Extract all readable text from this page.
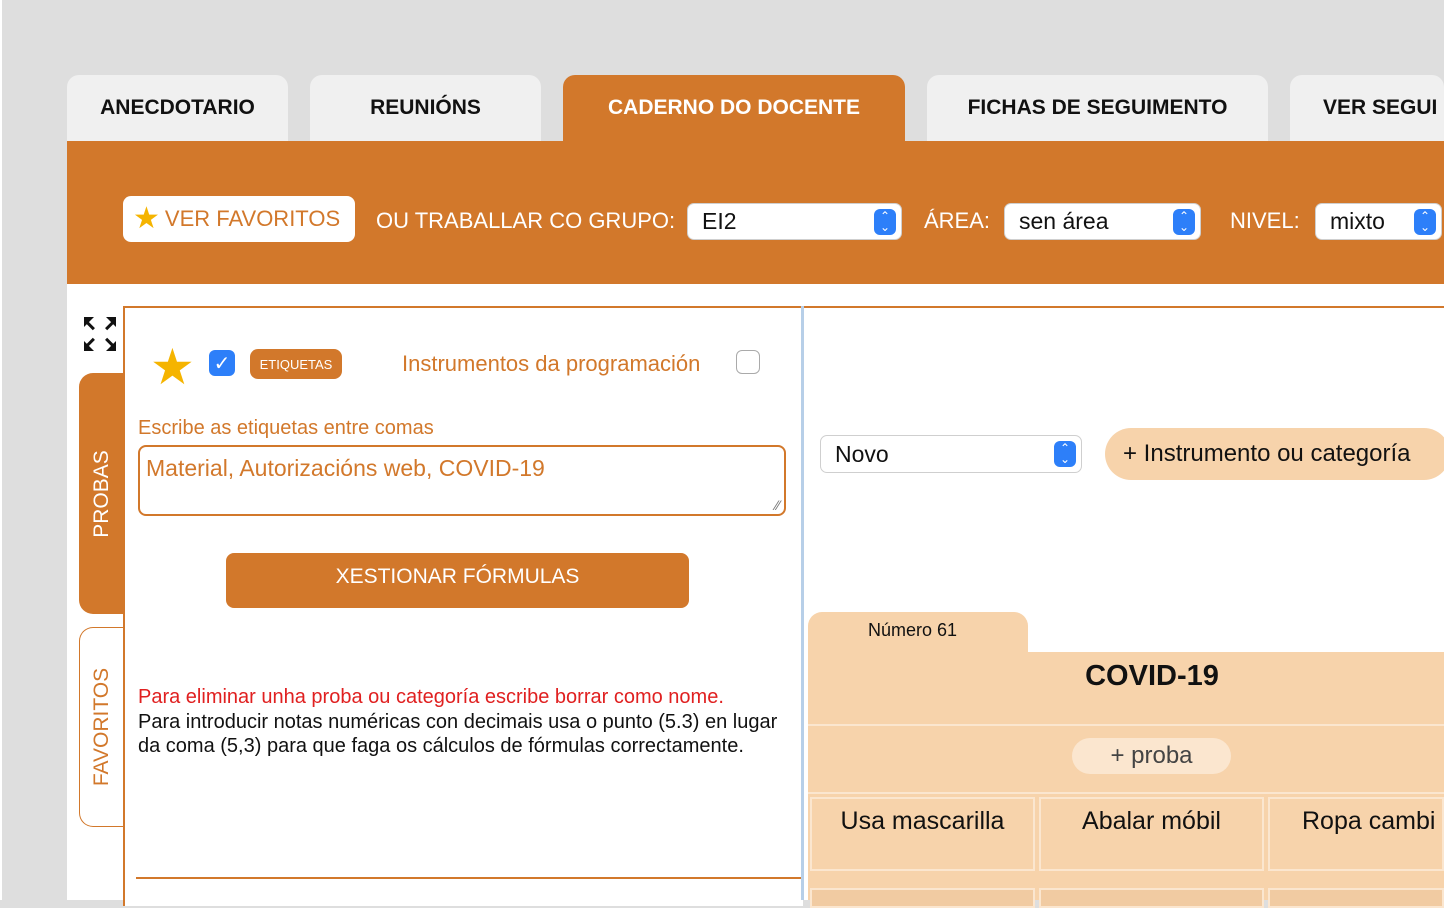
ANECDOTARIO	REUNIÓNS	CADERNO DO DOCENTE	FICHAS DE SEGUIMENTO	VER SEGUI
★ VER FAVORITOS OU TRABALLAR CO GRUPO: EI2	⌃
⌄ ÁREA: sen área	⌃
⌄ NIVEL: mixto	⌃
⌄
PROBAS
FAVORITOS
★ ✓	ETIQUETAS	Instrumentos da programación
Escribe as etiquetas entre comas
Material, Autorizacións web, COVID-19
⁄⁄
XESTIONAR FÓRMULAS
Para eliminar unha proba ou categoría escribe borrar como nome.
Para introducir notas numéricas con decimais usa o punto (5.3) en lugar da coma (5,3) para que faga os cálculos de fórmulas correctamente.
Novo	⌃
⌄	+ Instrumento ou categoría
Número 61
COVID-19
+ proba
Usa mascarilla	Abalar móbil	Ropa cambi
